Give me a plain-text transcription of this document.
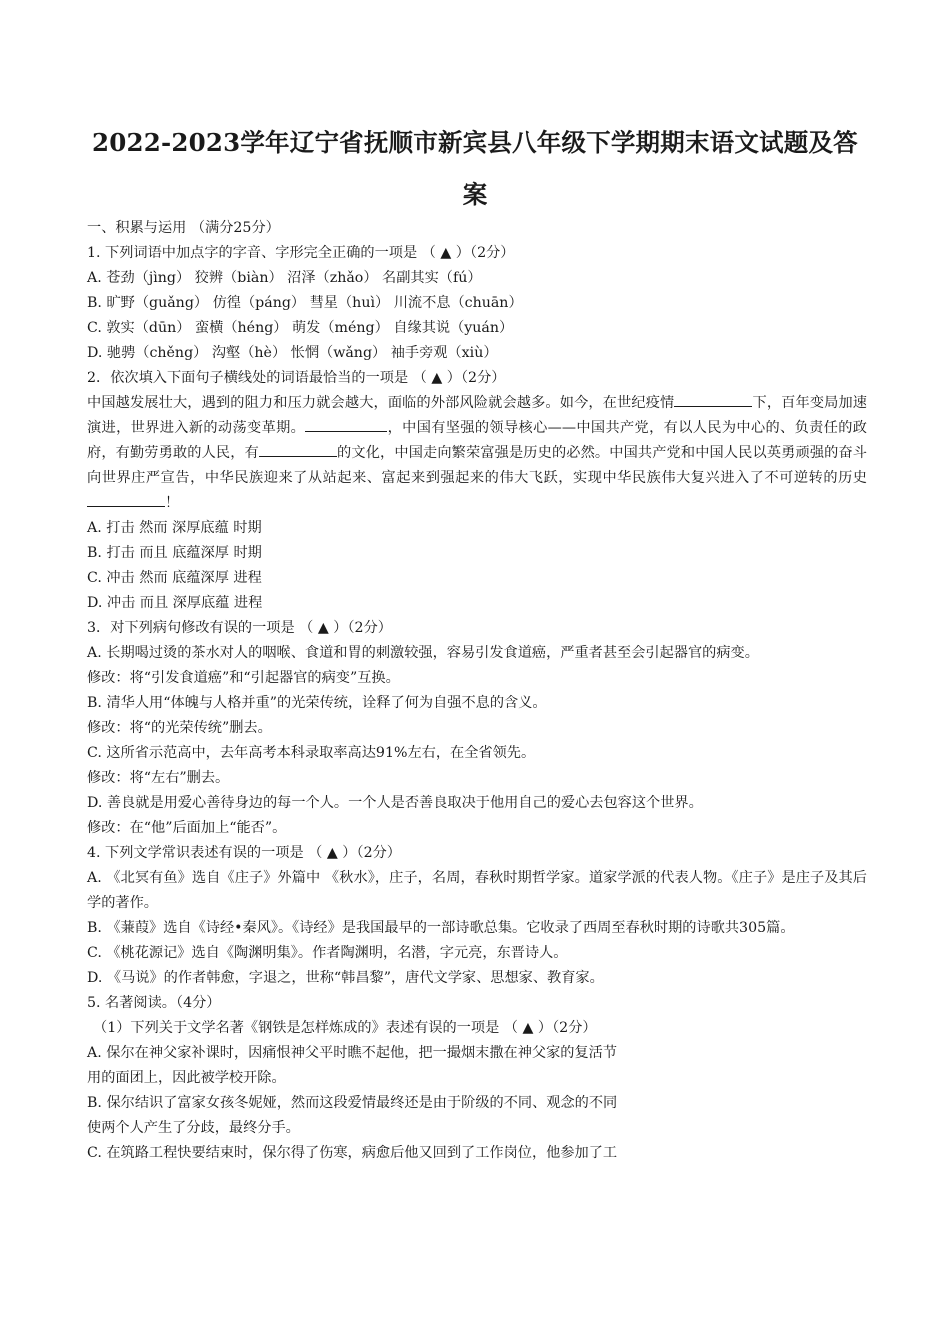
2022-2023学年辽宁省抚顺市新宾县八年级下学期期末语文试题及答
案

一、积累与运用 （满分25分）

1. 下列词语中加点字的字音、字形完全正确的一项是 （ ▲ ）（2分）

A. 苍劲（jìng） 狡辨（biàn） 沼泽（zhǎo） 名副其实（fú）

B. 旷野（guǎng） 仿徨（páng） 彗星（huì） 川流不息（chuān）

C. 敦实（dūn） 蛮横（héng） 萌发（méng） 自缘其说（yuán）

D. 驰骋（chěng） 沟壑（hè） 怅惘（wǎng） 袖手旁观（xiù）

2．依次填入下面句子横线处的词语最恰当的一项是 （ ▲ ）（2分）

中国越发展壮大，遇到的阻力和压力就会越大，面临的外部风险就会越多。如今，在世纪疫情	下，百年变局加速演进，世界进入新的动荡变革期。	，中国有坚强的领导核心——中国共产党，有以人民为中心的、负责任的政府，有勤劳勇敢的人民，有	的文化，中国走向繁荣富强是历史的必然。中国共产党和中国人民以英勇顽强的奋斗向世界庄严宣告，中华民族迎来了从站起来、富起来到强起来的伟大飞跃，实现中华民族伟大复兴进入了不可逆转的历史！

A. 打击 然而 深厚底蕴 时期

B. 打击 而且 底蕴深厚 时期

C. 冲击 然而 底蕴深厚 进程

D. 冲击 而且 深厚底蕴 进程

3．对下列病句修改有误的一项是 （ ▲ ）（2分）

A. 长期喝过烫的茶水对人的咽喉、食道和胃的刺激较强，容易引发食道癌，严重者甚至会引起器官的病变。

修改：将“引发食道癌”和“引起器官的病变”互换。

B. 清华人用“体魄与人格并重”的光荣传统，诠释了何为自强不息的含义。

修改：将“的光荣传统”删去。

C. 这所省示范高中，去年高考本科录取率高达91%左右，在全省领先。

修改：将“左右”删去。

D. 善良就是用爱心善待身边的每一个人。一个人是否善良取决于他用自己的爱心去包容这个世界。

修改：在“他”后面加上“能否”。

4. 下列文学常识表述有误的一项是 （ ▲ ）（2分）

A. 《北冥有鱼》选自《庄子》外篇中 《秋水》，庄子，名周，春秋时期哲学家。道家学派的代表人物。《庄子》是庄子及其后学的著作。

B. 《蒹葭》选自《诗经•秦风》。《诗经》是我国最早的一部诗歌总集。它收录了西周至春秋时期的诗歌共305篇。

C. 《桃花源记》选自《陶渊明集》。作者陶渊明，名潜，字元亮，东晋诗人。

D. 《马说》的作者韩愈，字退之，世称“韩昌黎”，唐代文学家、思想家、教育家。

5. 名著阅读。（4分）

（1）下列关于文学名著《钢铁是怎样炼成的》表述有误的一项是 （ ▲ ）（2分）

A. 保尔在神父家补课时，因痛恨神父平时瞧不起他，把一撮烟末撒在神父家的复活节

用的面团上，因此被学校开除。

B. 保尔结识了富家女孩冬妮娅，然而这段爱情最终还是由于阶级的不同、观念的不同

使两个人产生了分歧，最终分手。

C. 在筑路工程快要结束时，保尔得了伤寒，病愈后他又回到了工作岗位，他参加了工
